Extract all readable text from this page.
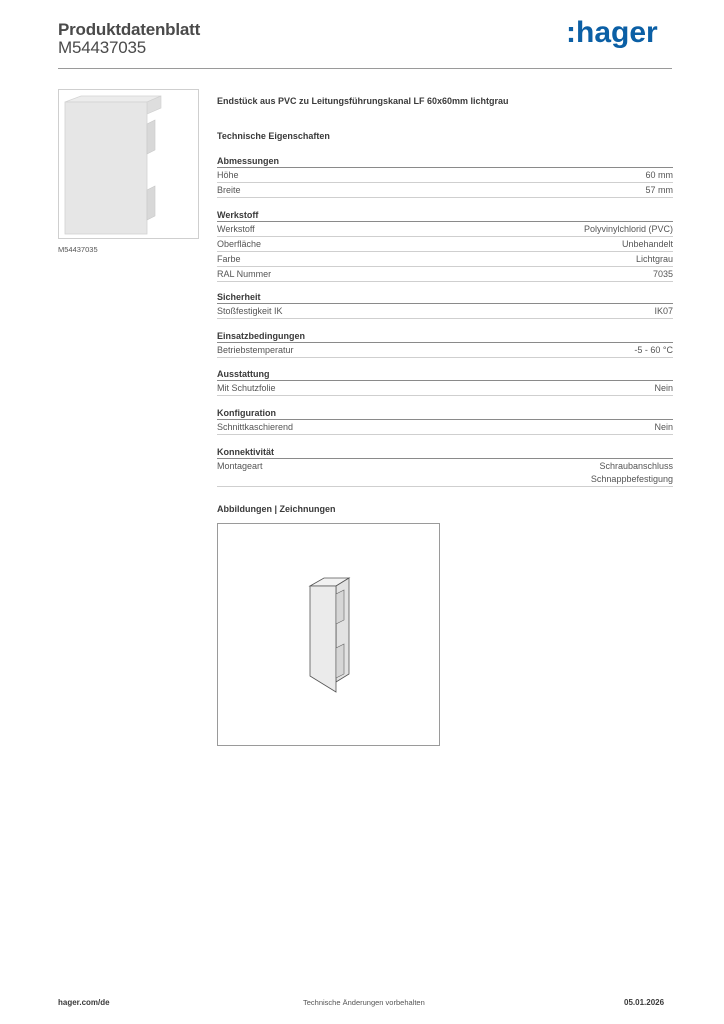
Produktdatenblatt
M54437035	:hager
M54437035
Endstück aus PVC zu Leitungsführungskanal LF 60x60mm lichtgrau
Technische Eigenschaften
Abmessungen
Höhe	60 mm
Breite	57 mm
Werkstoff
Werkstoff	Polyvinylchlorid (PVC)
Oberfläche	Unbehandelt
Farbe	Lichtgrau
RAL Nummer	7035
Sicherheit
Stoßfestigkeit IK	IK07
Einsatzbedingungen
Betriebstemperatur	-5 - 60 °C
Ausstattung
Mit Schutzfolie	Nein
Konfiguration
Schnittkaschierend	Nein
Konnektivität
Montageart	Schraubanschluss
Schnappbefestigung
Abbildungen | Zeichnungen
hager.com/de	Technische Änderungen vorbehalten	05.01.2026
